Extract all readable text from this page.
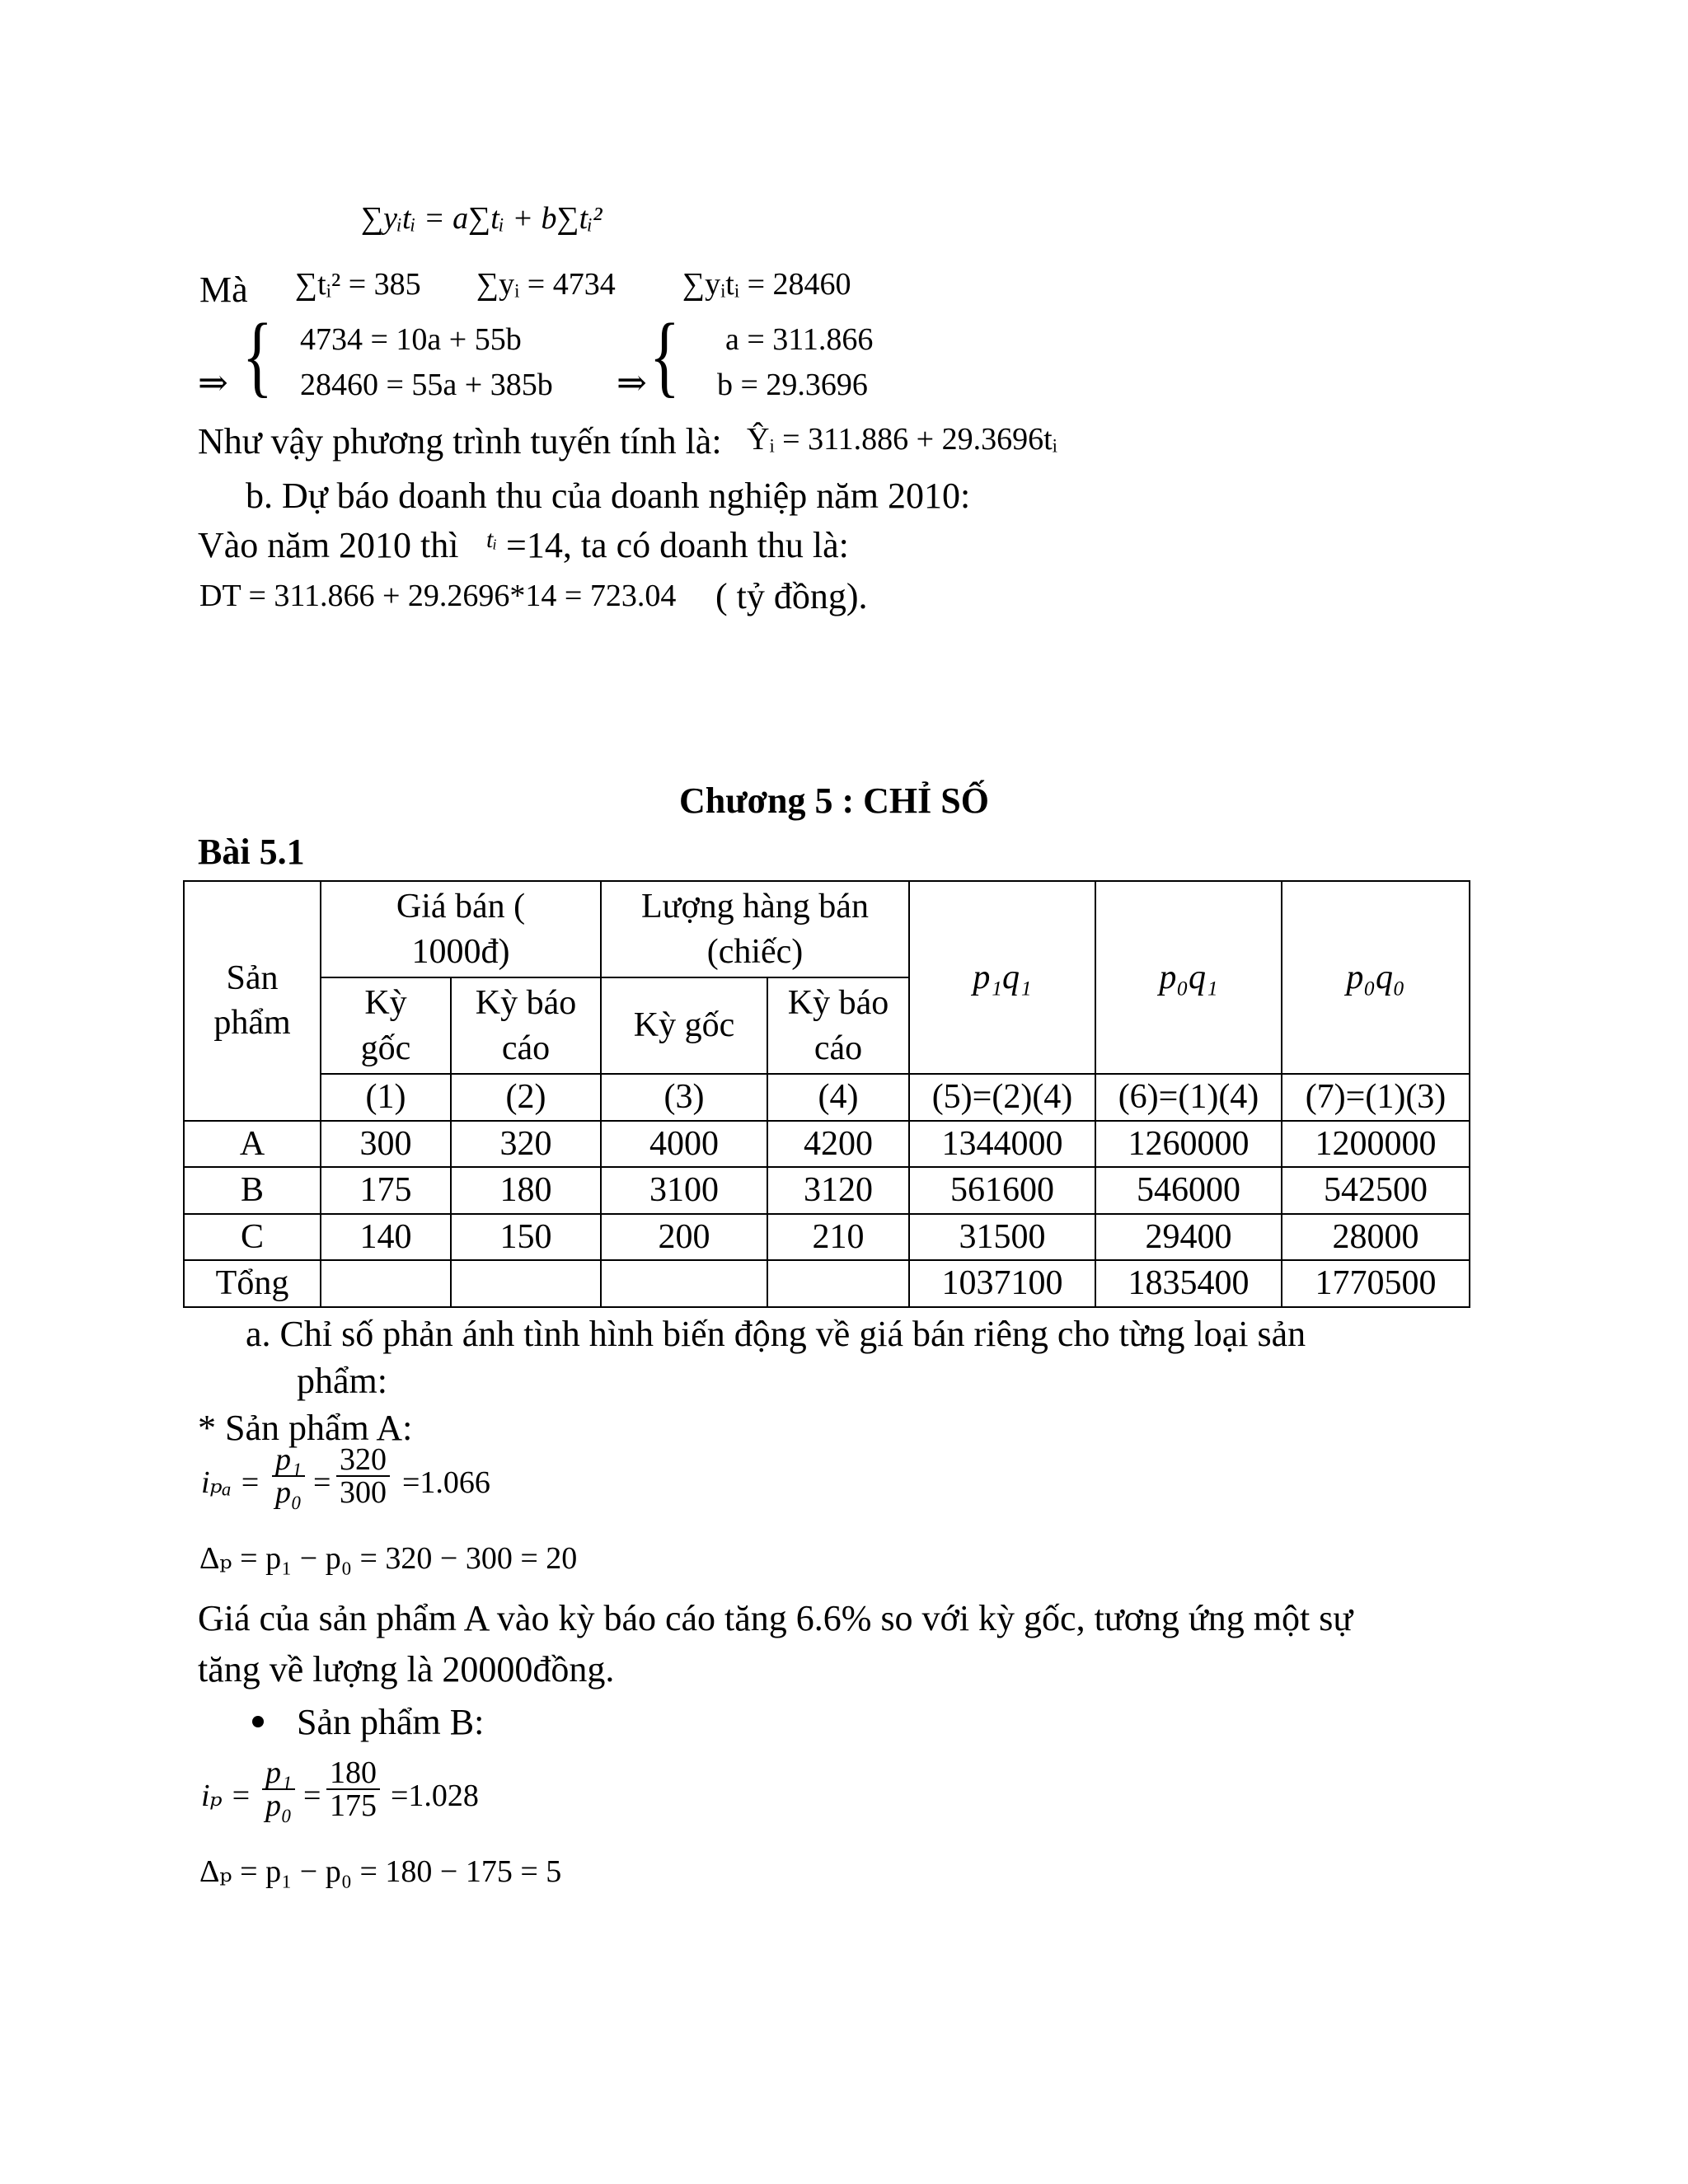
∑yᵢtᵢ = a∑tᵢ + b∑tᵢ²
Mà ∑tᵢ² = 385 ∑yᵢ = 4734 ∑yᵢtᵢ = 28460
⇒ { 4734 = 10a + 55b
28460 = 55a + 385b ⇒ { a = 311.866
b = 29.3696
Như vậy phương trình tuyến tính là: Ŷᵢ = 311.886 + 29.3696tᵢ
b. Dự báo doanh thu của doanh nghiệp năm 2010:
Vào năm 2010 thì tᵢ =14, ta có doanh thu là:
DT = 311.866 + 29.2696*14 = 723.04 ( tỷ đồng).
Chương 5 : CHỈ SỐ
Bài 5.1
Sản phẩm	Giá bán ( 1000đ)		Lượng hàng bán (chiếc)		p₁q₁	p₀q₁	p₀q₀
	Kỳ gốc	Kỳ báo cáo	Kỳ gốc	Kỳ báo cáo			
	(1)	(2)	(3)	(4)	(5)=(2)(4)	(6)=(1)(4)	(7)=(1)(3)
A	300	320	4000	4200	1344000	1260000	1200000
B	175	180	3100	3120	561600	546000	542500
C	140	150	200	210	31500	29400	28000
Tổng					1037100	1835400	1770500
a. Chỉ số phản ánh tình hình biến động về giá bán riêng cho từng loại sản
phẩm:
* Sản phẩm A:
$i_{pa} = \frac{\text{p₁}}{\text{p₀}} = \frac{320}{300} =1.066$
Δₚ = p₁ − p₀ = 320 − 300 = 20
Giá của sản phẩm A vào kỳ báo cáo tăng 6.6% so với kỳ gốc, tương ứng một sự
tăng về lượng là 20000đồng.
Sản phẩm B:
$i_p = \frac{\text{p₁}}{\text{p₀}} = \frac{180}{175} =1.028$
Δₚ = p₁ − p₀ = 180 − 175 = 5
